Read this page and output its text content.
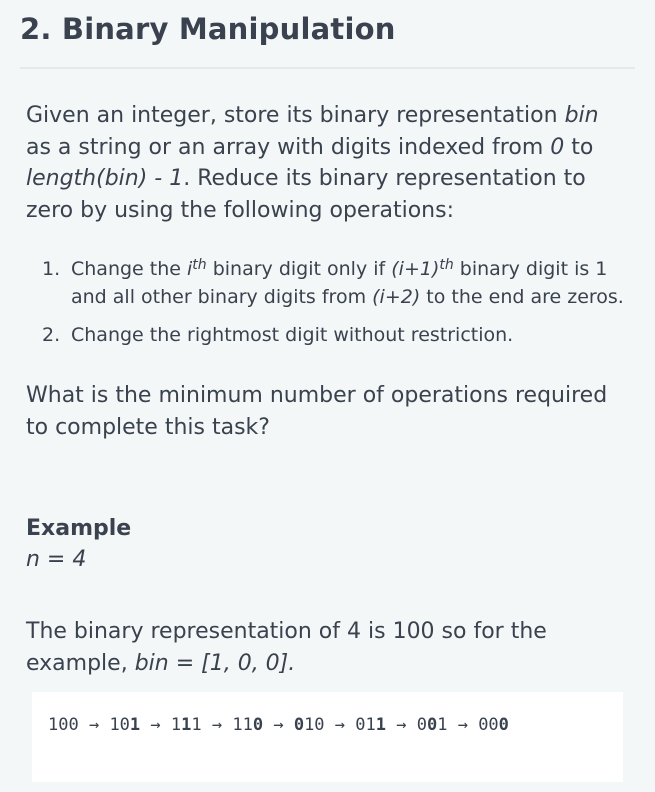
2. Binary Manipulation

Given an integer, store its binary representation bin as a string or an array with digits indexed from 0 to length(bin) - 1. Reduce its binary representation to zero by using the following operations:

1. Change the $i^{th}$ binary digit only if $(i+1)^{th}$ binary digit is 1 and all other binary digits from (i+2) to the end are zeros.
2. Change the rightmost digit without restriction.

What is the minimum number of operations required to complete this task?

Example

n = 4

The binary representation of 4 is 100 so for the example, bin = [1, 0, 0].

100 → 101 → 111 → 110 → 010 → 011 → 001 → 000
